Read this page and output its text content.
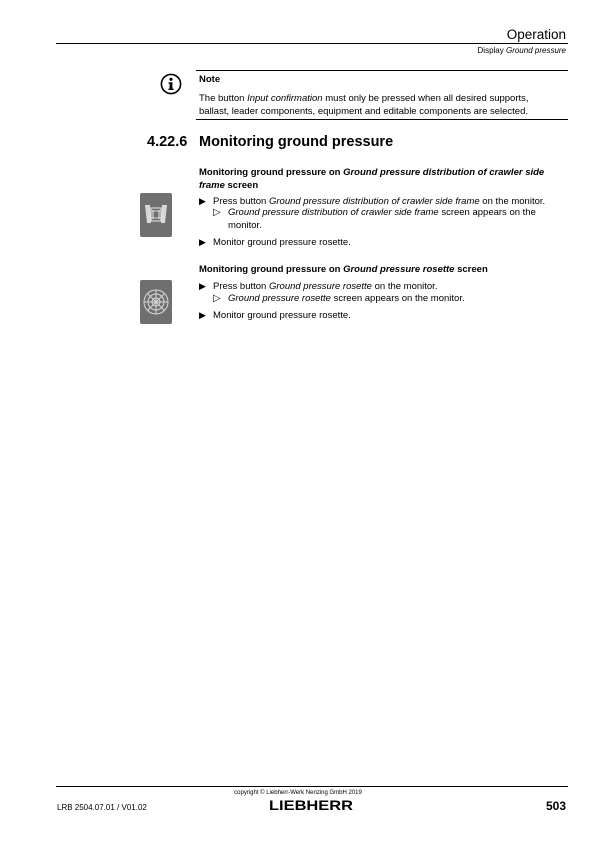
Operation
Display Ground pressure
Note
The button Input confirmation must only be pressed when all desired supports, ballast, leader components, equipment and editable components are selected.
4.22.6 Monitoring ground pressure
Monitoring ground pressure on Ground pressure distribution of crawler side frame screen
▶ Press button Ground pressure distribution of crawler side frame on the monitor.
▷ Ground pressure distribution of crawler side frame screen appears on the
monitor.
▶ Monitor ground pressure rosette.
Monitoring ground pressure on Ground pressure rosette screen
▶ Press button Ground pressure rosette on the monitor.
▷ Ground pressure rosette screen appears on the monitor.
▶ Monitor ground pressure rosette.
copyright © Liebherr-Werk Nenzing GmbH 2019
LIEBHERR
LRB 2504.07.01 / V01.02	503
